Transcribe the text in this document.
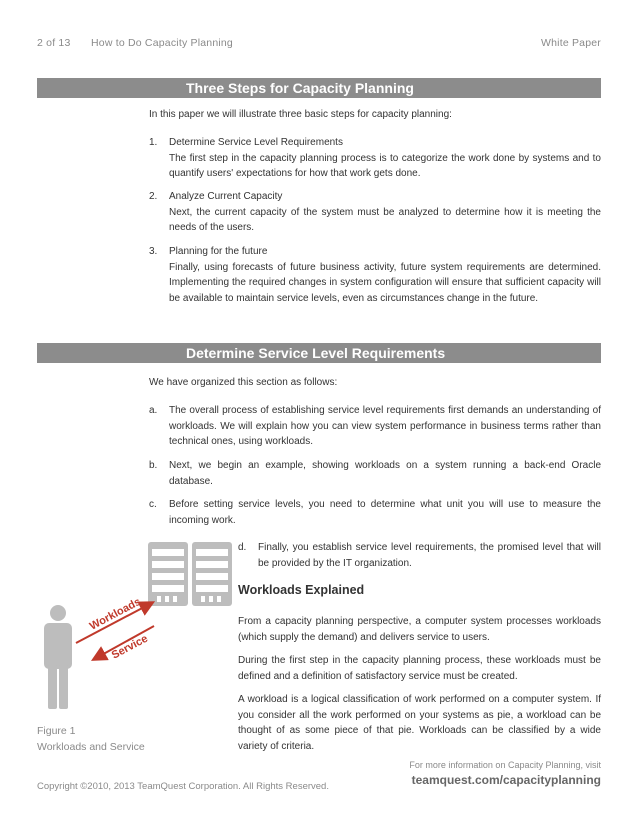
2 of 13 How to Do Capacity Planning	White Paper
Three Steps for Capacity Planning
In this paper we will illustrate three basic steps for capacity planning:
1. Determine Service Level Requirements
The first step in the capacity planning process is to categorize the work done by systems and to quantify users' expectations for how that work gets done.
2. Analyze Current Capacity
Next, the current capacity of the system must be analyzed to determine how it is meeting the needs of the users.
3. Planning for the future
Finally, using forecasts of future business activity, future system requirements are determined. Implementing the required changes in system configuration will ensure that sufficient capacity will be available to maintain service levels, even as circumstances change in the future.
Determine Service Level Requirements
We have organized this section as follows:
a. The overall process of establishing service level requirements first demands an understanding of workloads. We will explain how you can view system performance in business terms rather than technical ones, using workloads.
b. Next, we begin an example, showing workloads on a system running a back-end Oracle database.
c. Before setting service levels, you need to determine what unit you will use to measure the incoming work.
d. Finally, you establish service level requirements, the promised level that will be provided by the IT organization.
Workloads Explained
From a capacity planning perspective, a computer system processes workloads (which supply the demand) and delivers service to users.
During the first step in the capacity planning process, these workloads must be defined and a definition of satisfactory service must be created.
A workload is a logical classification of work performed on a computer system. If you consider all the work performed on your systems as pie, a workload can be thought of as some piece of that pie. Workloads can be classified by a wide variety of criteria.
Workloads
Service
Figure 1
Workloads and Service
For more information on Capacity Planning, visit
teamquest.com/capacityplanning
Copyright ©2010, 2013 TeamQuest Corporation. All Rights Reserved.
